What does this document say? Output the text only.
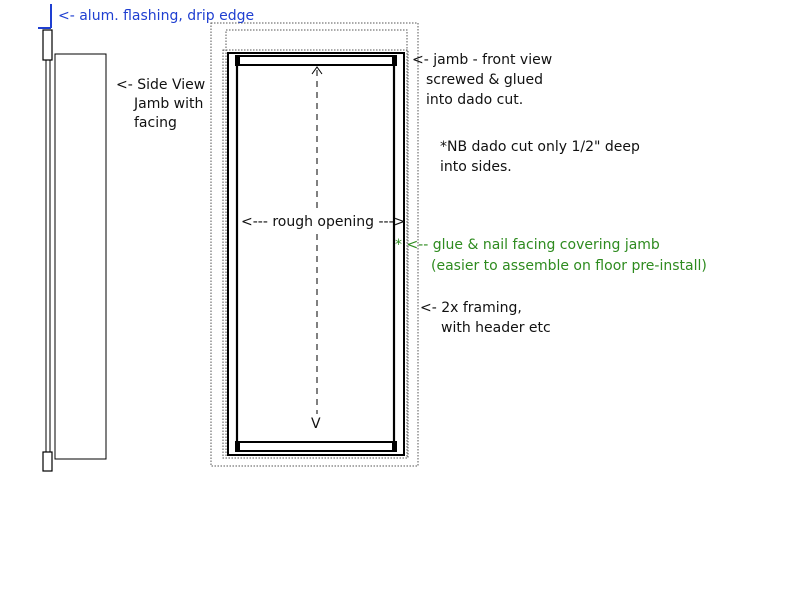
<- alum. flashing, drip edge
<- Side View
Jamb with
facing
<- jamb - front view
screwed & glued
into dado cut.
*NB dado cut only 1/2" deep
into sides.
<--- rough opening --->
V
* <-- glue & nail facing covering jamb
(easier to assemble on floor pre-install)
<- 2x framing,
with header etc
